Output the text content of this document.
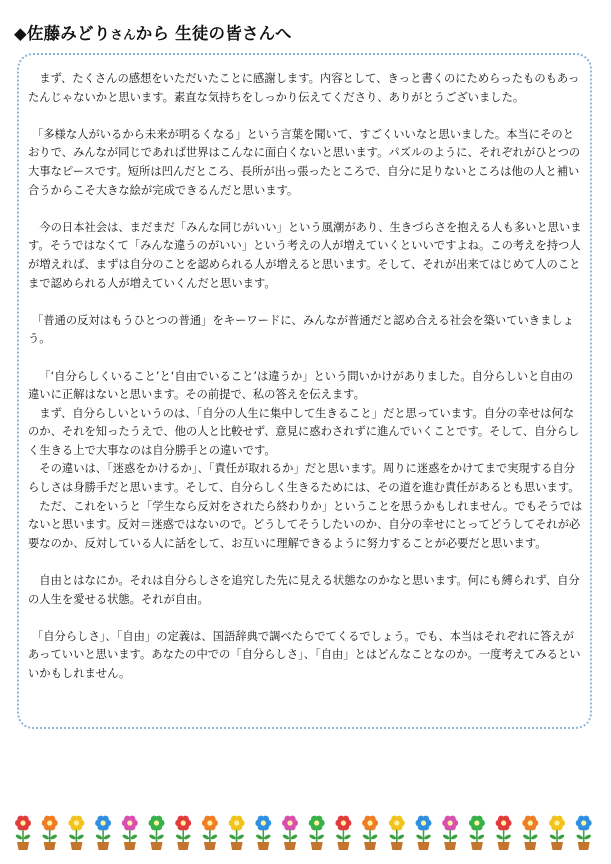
◆佐藤みどりさんから 生徒の皆さんへ

まず、たくさんの感想をいただいたことに感謝します。内容として、きっと書くのにためらったものもあったんじゃないかと思います。素直な気持ちをしっかり伝えてくださり、ありがとうございました。

「多様な人がいるから未来が明るくなる」という言葉を聞いて、すごくいいなと思いました。本当にそのとおりで、みんなが同じであれば世界はこんなに面白くないと思います。パズルのように、それぞれがひとつの大事なピースです。短所は凹んだところ、長所が出っ張ったところで、自分に足りないところは他の人と補い合うからこそ大きな絵が完成できるんだと思います。

今の日本社会は、まだまだ「みんな同じがいい」という風潮があり、生きづらさを抱える人も多いと思います。そうではなくて「みんな違うのがいい」という考えの人が増えていくといいですよね。この考えを持つ人が増えれば、まずは自分のことを認められる人が増えると思います。そして、それが出来てはじめて人のことまで認められる人が増えていくんだと思います。

「普通の反対はもうひとつの普通」をキーワードに、みんなが普通だと認め合える社会を築いていきましょう。

「‘自分らしくいること’と‘自由でいること’は違うか」という問いかけがありました。自分らしいと自由の違いに正解はないと思います。その前提で、私の答えを伝えます。

まず、自分らしいというのは、「自分の人生に集中して生きること」だと思っています。自分の幸せは何なのか、それを知ったうえで、他の人と比較せず、意見に惑わされずに進んでいくことです。そして、自分らしく生きる上で大事なのは自分勝手との違いです。

その違いは、「迷惑をかけるか」、「責任が取れるか」だと思います。周りに迷惑をかけてまで実現する自分らしさは身勝手だと思います。そして、自分らしく生きるためには、その道を進む責任があるとも思います。

ただ、これをいうと「学生なら反対をされたら終わりか」ということを思うかもしれません。でもそうではないと思います。反対＝迷惑ではないので。どうしてそうしたいのか、自分の幸せにとってどうしてそれが必要なのか、反対している人に話をして、お互いに理解できるように努力することが必要だと思います。

自由とはなにか。それは自分らしさを追究した先に見える状態なのかなと思います。何にも縛られず、自分の人生を愛せる状態。それが自由。

「自分らしさ」、「自由」の定義は、国語辞典で調べたらでてくるでしょう。でも、本当はそれぞれに答えがあっていいと思います。あなたの中での「自分らしさ」、「自由」とはどんなことなのか。一度考えてみるといいかもしれません。
